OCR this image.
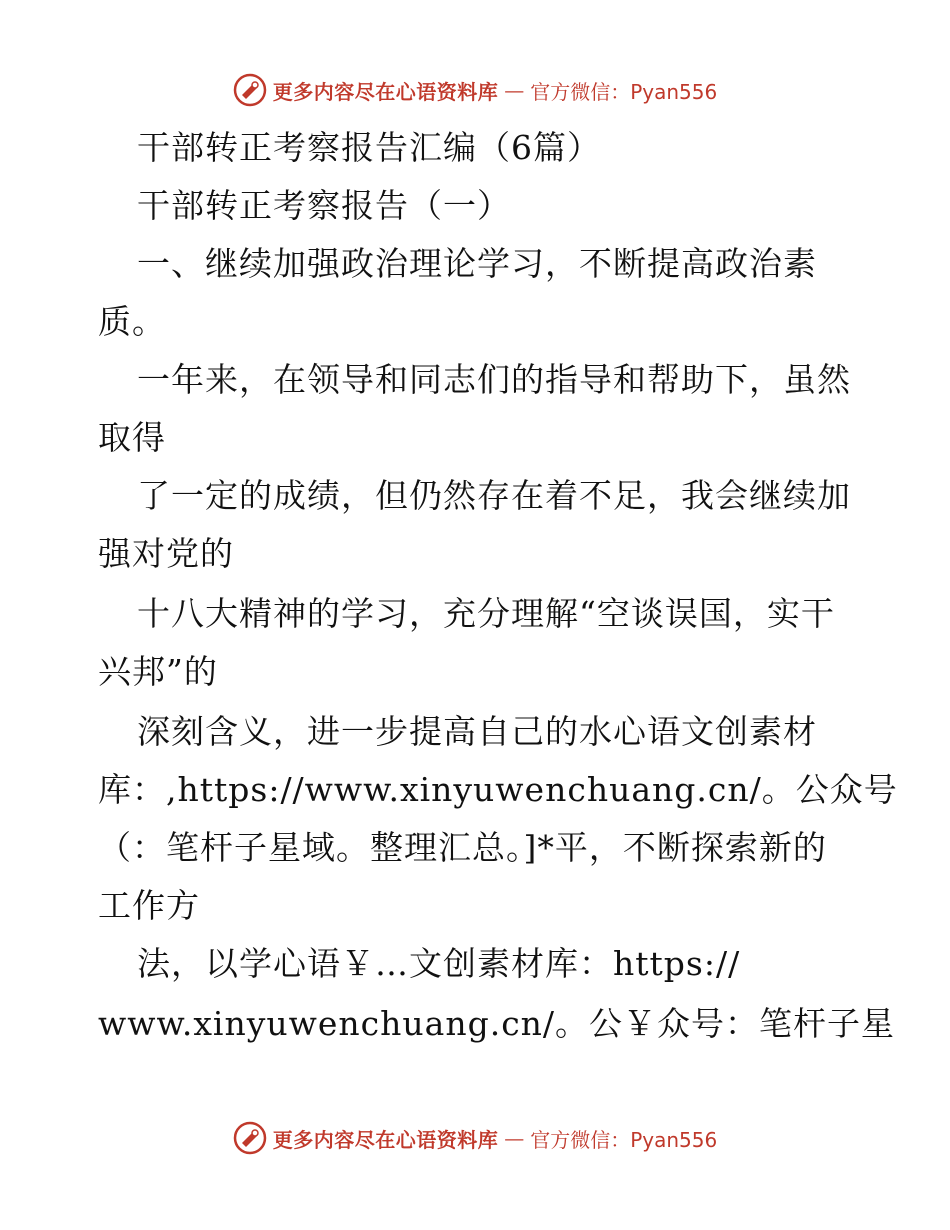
更多内容尽在心语资料库 — 官方微信：Pyan556
干部转正考察报告汇编（6篇）
干部转正考察报告（一）
一、继续加强政治理论学习，不断提高政治素
质。
一年来，在领导和同志们的指导和帮助下，虽然
取得
了一定的成绩，但仍然存在着不足，我会继续加
强对党的
十八大精神的学习，充分理解“空谈误国，实干
兴邦”的
深刻含义，进一步提高自己的水心语文创素材
库：,https://www.xinyuwenchuang.cn/。公众号
（：笔杆子星域。整理汇总。]*平，不断探索新的
工作方
法，以学心语￥…文创素材库：https://
www.xinyuwenchuang.cn/。公￥众号：笔杆子星
更多内容尽在心语资料库 — 官方微信：Pyan556
